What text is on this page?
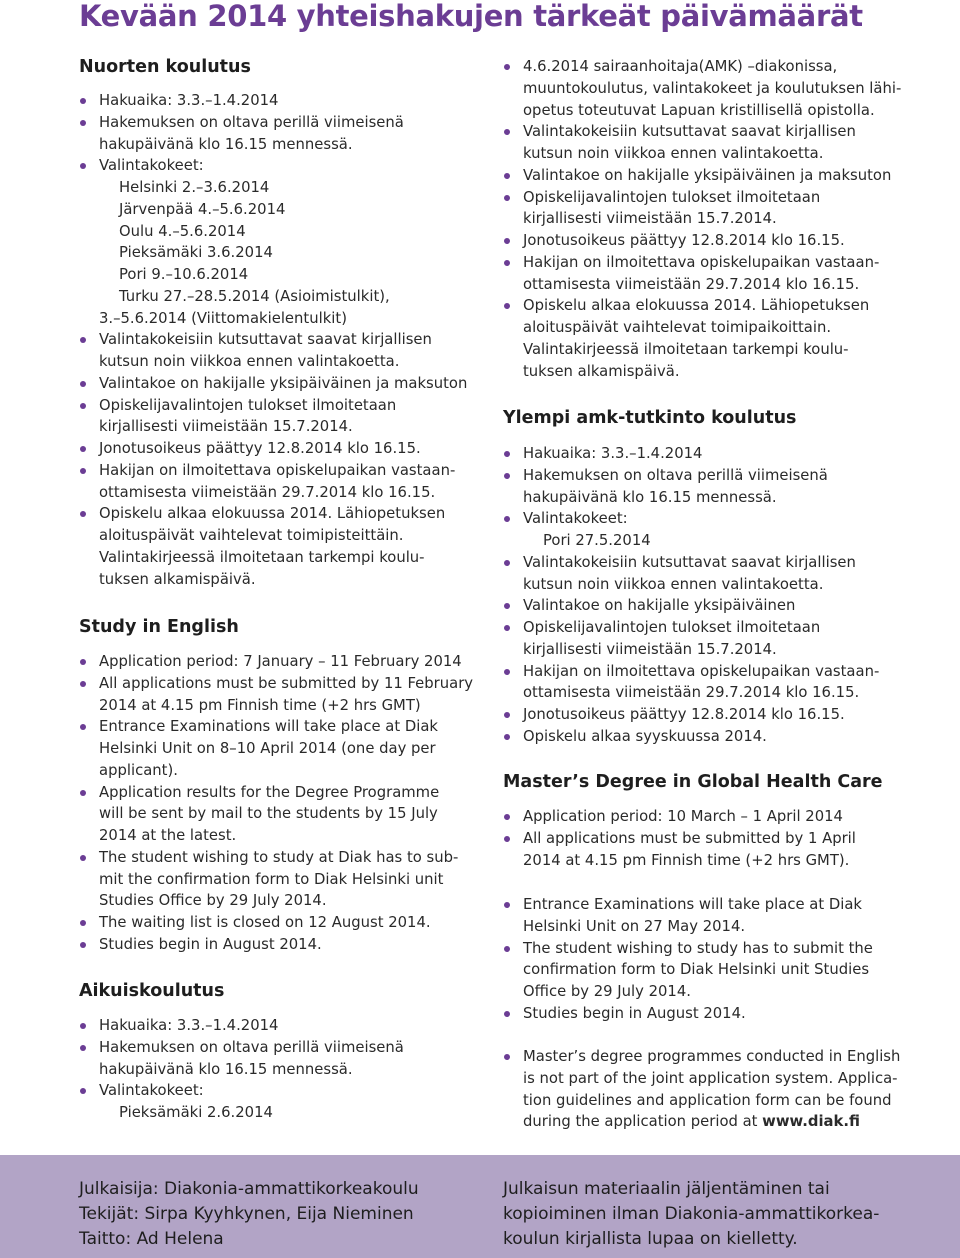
Kevään 2014 yhteishakujen tärkeät päivämäärät
Nuorten koulutus
Hakuaika: 3.3.–1.4.2014
Hakemuksen on oltava perillä viimeisenä
hakupäivänä klo 16.15 mennessä.
Valintakokeet:
Helsinki 2.–3.6.2014
Järvenpää 4.–5.6.2014
Oulu 4.–5.6.2014
Pieksämäki 3.6.2014
Pori 9.–10.6.2014
Turku 27.–28.5.2014 (Asioimistulkit),
3.–5.6.2014 (Viittomakielentulkit)
Valintakokeisiin kutsuttavat saavat kirjallisen
kutsun noin viikkoa ennen valintakoetta.
Valintakoe on hakijalle yksipäiväinen ja maksuton
Opiskelijavalintojen tulokset ilmoitetaan
kirjallisesti viimeistään 15.7.2014.
Jonotusoikeus päättyy 12.8.2014 klo 16.15.
Hakijan on ilmoitettava opiskelupaikan vastaan-
ottamisesta viimeistään 29.7.2014 klo 16.15.
Opiskelu alkaa elokuussa 2014. Lähiopetuksen
aloituspäivät vaihtelevat toimipisteittäin.
Valintakirjeessä ilmoitetaan tarkempi koulu-
tuksen alkamispäivä.
Study in English
Application period: 7 January – 11 February 2014
All applications must be submitted by 11 February
2014 at 4.15 pm Finnish time (+2 hrs GMT)
Entrance Examinations will take place at Diak
Helsinki Unit on 8–10 April 2014 (one day per
applicant).
Application results for the Degree Programme
will be sent by mail to the students by 15 July
2014 at the latest.
The student wishing to study at Diak has to sub-
mit the confirmation form to Diak Helsinki unit
Studies Office by 29 July 2014.
The waiting list is closed on 12 August 2014.
Studies begin in August 2014.
Aikuiskoulutus
Hakuaika: 3.3.–1.4.2014
Hakemuksen on oltava perillä viimeisenä
hakupäivänä klo 16.15 mennessä.
Valintakokeet:
Pieksämäki 2.6.2014
4.6.2014 sairaanhoitaja(AMK) –diakonissa,
muuntokoulutus, valintakokeet ja koulutuksen lähi-
opetus toteutuvat Lapuan kristillisellä opistolla.
Valintakokeisiin kutsuttavat saavat kirjallisen
kutsun noin viikkoa ennen valintakoetta.
Valintakoe on hakijalle yksipäiväinen ja maksuton
Opiskelijavalintojen tulokset ilmoitetaan
kirjallisesti viimeistään 15.7.2014.
Jonotusoikeus päättyy 12.8.2014 klo 16.15.
Hakijan on ilmoitettava opiskelupaikan vastaan-
ottamisesta viimeistään 29.7.2014 klo 16.15.
Opiskelu alkaa elokuussa 2014. Lähiopetuksen
aloituspäivät vaihtelevat toimipaikoittain.
Valintakirjeessä ilmoitetaan tarkempi koulu-
tuksen alkamispäivä.
Ylempi amk-tutkinto koulutus
Hakuaika: 3.3.–1.4.2014
Hakemuksen on oltava perillä viimeisenä
hakupäivänä klo 16.15 mennessä.
Valintakokeet:
Pori 27.5.2014
Valintakokeisiin kutsuttavat saavat kirjallisen
kutsun noin viikkoa ennen valintakoetta.
Valintakoe on hakijalle yksipäiväinen
Opiskelijavalintojen tulokset ilmoitetaan
kirjallisesti viimeistään 15.7.2014.
Hakijan on ilmoitettava opiskelupaikan vastaan-
ottamisesta viimeistään 29.7.2014 klo 16.15.
Jonotusoikeus päättyy 12.8.2014 klo 16.15.
Opiskelu alkaa syyskuussa 2014.
Master’s Degree in Global Health Care
Application period: 10 March – 1 April 2014
All applications must be submitted by 1 April
2014 at 4.15 pm Finnish time (+2 hrs GMT).
Entrance Examinations will take place at Diak
Helsinki Unit on 27 May 2014.
The student wishing to study has to submit the
confirmation form to Diak Helsinki unit Studies
Office by 29 July 2014.
Studies begin in August 2014.
Master’s degree programmes conducted in English
is not part of the joint application system. Applica-
tion guidelines and application form can be found
during the application period at www.diak.fi

Julkaisija: Diakonia-ammattikorkeakoulu
Tekijät: Sirpa Kyyhkynen, Eija Nieminen
Taitto: Ad Helena

Julkaisun materiaalin jäljentäminen tai
kopioiminen ilman Diakonia-ammattikorkea-
koulun kirjallista lupaa on kielletty.
